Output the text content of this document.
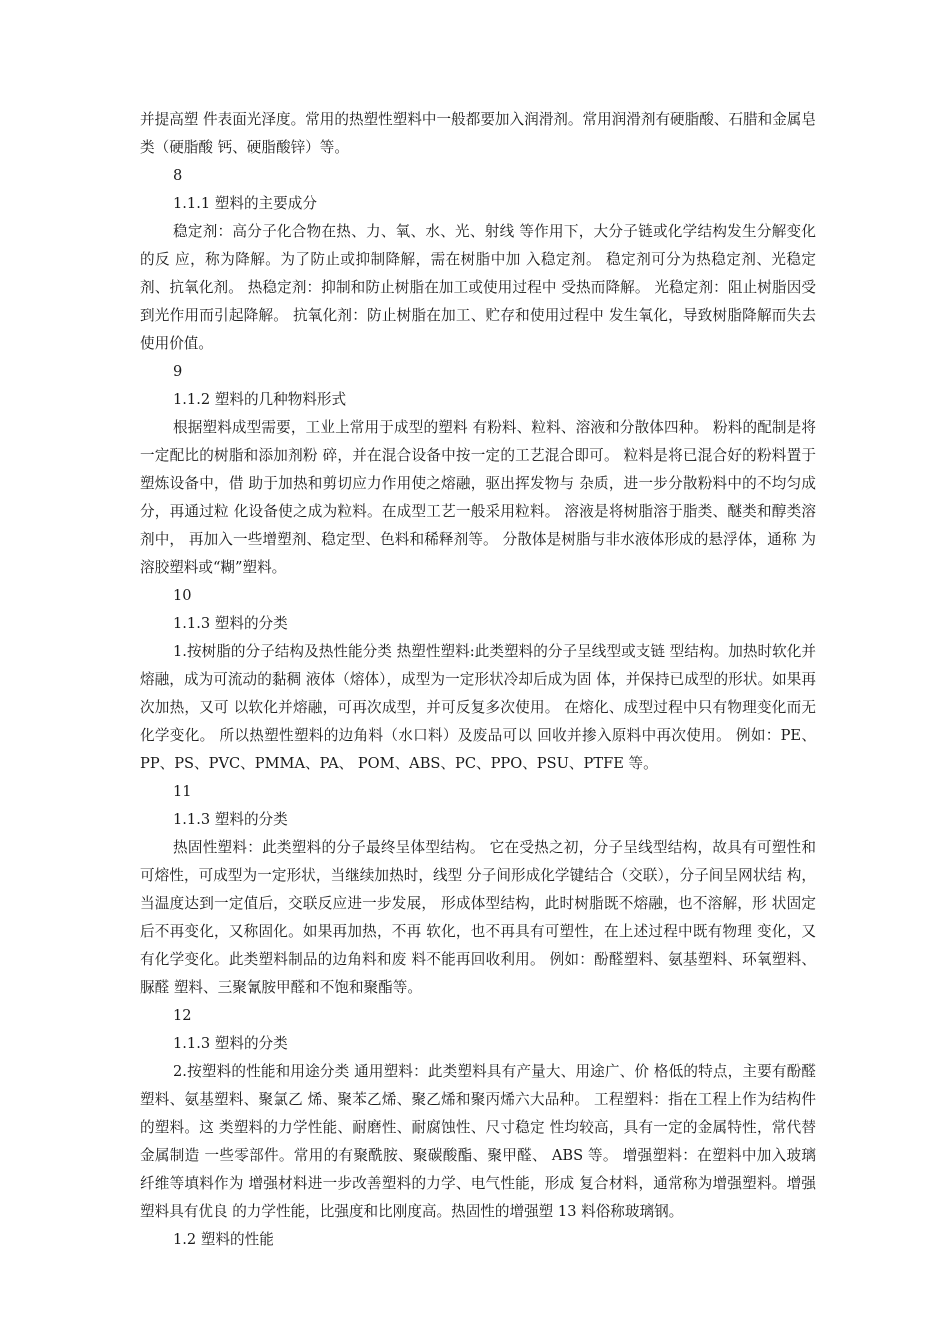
并提高塑 件表面光泽度。常用的热塑性塑料中一般都要加入润滑剂。常用润滑剂有硬脂酸、石腊和金属皂类（硬脂酸 钙、硬脂酸锌）等。

8

1.1.1 塑料的主要成分

稳定剂：高分子化合物在热、力、氧、水、光、射线 等作用下，大分子链或化学结构发生分解变化的反 应，称为降解。为了防止或抑制降解，需在树脂中加 入稳定剂。 稳定剂可分为热稳定剂、光稳定剂、抗氧化剂。 热稳定剂：抑制和防止树脂在加工或使用过程中 受热而降解。 光稳定剂：阻止树脂因受到光作用而引起降解。 抗氧化剂：防止树脂在加工、贮存和使用过程中 发生氧化，导致树脂降解而失去使用价值。

9

1.1.2 塑料的几种物料形式

根据塑料成型需要，工业上常用于成型的塑料 有粉料、粒料、溶液和分散体四种。 粉料的配制是将一定配比的树脂和添加剂粉 碎，并在混合设备中按一定的工艺混合即可。 粒料是将已混合好的粉料置于塑炼设备中，借 助于加热和剪切应力作用使之熔融，驱出挥发物与 杂质，进一步分散粉料中的不均匀成分，再通过粒 化设备使之成为粒料。在成型工艺一般采用粒料。 溶液是将树脂溶于脂类、醚类和醇类溶剂中， 再加入一些增塑剂、稳定型、色料和稀释剂等。 分散体是树脂与非水液体形成的悬浮体，通称 为溶胶塑料或“糊”塑料。

10

1.1.3 塑料的分类

1.按树脂的分子结构及热性能分类 热塑性塑料:此类塑料的分子呈线型或支链 型结构。加热时软化并熔融，成为可流动的黏稠 液体（熔体），成型为一定形状冷却后成为固 体，并保持已成型的形状。如果再次加热，又可 以软化并熔融，可再次成型，并可反复多次使用。 在熔化、成型过程中只有物理变化而无化学变化。 所以热塑性塑料的边角料（水口料）及废品可以 回收并掺入原料中再次使用。 例如：PE、PP、PS、PVC、PMMA、PA、 POM、ABS、PC、PPO、PSU、PTFE 等。

11

1.1.3 塑料的分类

热固性塑料：此类塑料的分子最终呈体型结构。 它在受热之初，分子呈线型结构，故具有可塑性和 可熔性，可成型为一定形状，当继续加热时，线型 分子间形成化学键结合（交联），分子间呈网状结 构，当温度达到一定值后，交联反应进一步发展， 形成体型结构，此时树脂既不熔融，也不溶解，形 状固定后不再变化，又称固化。如果再加热，不再 软化，也不再具有可塑性，在上述过程中既有物理 变化，又有化学变化。此类塑料制品的边角料和废 料不能再回收利用。 例如：酚醛塑料、氨基塑料、环氧塑料、脲醛 塑料、三聚氰胺甲醛和不饱和聚酯等。

12

1.1.3 塑料的分类

2.按塑料的性能和用途分类 通用塑料：此类塑料具有产量大、用途广、价 格低的特点，主要有酚醛塑料、氨基塑料、聚氯乙 烯、聚苯乙烯、聚乙烯和聚丙烯六大品种。 工程塑料：指在工程上作为结构件的塑料。这 类塑料的力学性能、耐磨性、耐腐蚀性、尺寸稳定 性均较高，具有一定的金属特性，常代替金属制造 一些零部件。常用的有聚酰胺、聚碳酸酯、聚甲醛、 ABS 等。 增强塑料：在塑料中加入玻璃纤维等填料作为 增强材料进一步改善塑料的力学、电气性能，形成 复合材料，通常称为增强塑料。增强塑料具有优良 的力学性能，比强度和比刚度高。热固性的增强塑 13 料俗称玻璃钢。

1.2 塑料的性能
